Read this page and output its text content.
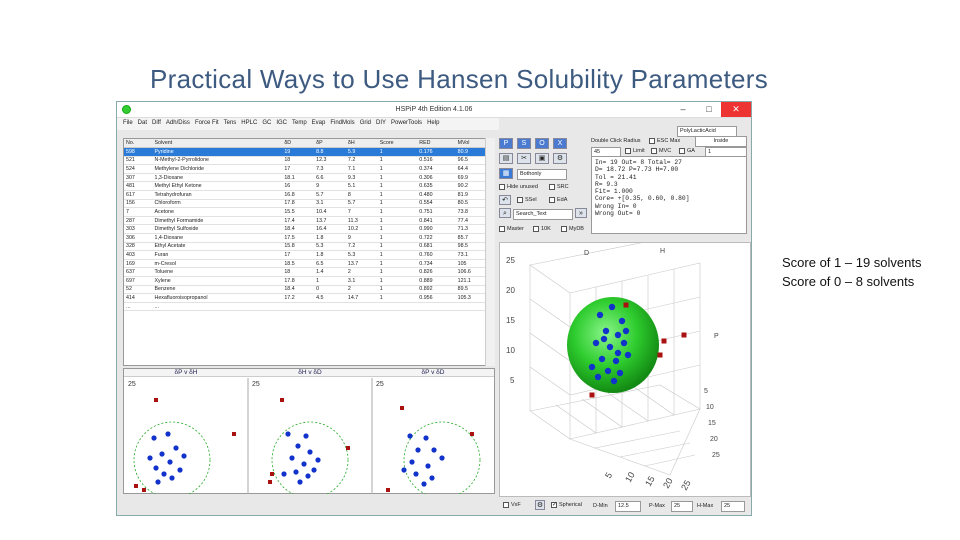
Practical Ways to Use Hansen Solubility Parameters
Score of 1 – 19 solvents
Score of 0 – 8 solvents
HSPiP 4th Edition 4.1.06	–	□	✕
File Dat Diff Adh/Diss Force Fit Tens HPLC GC IGC Temp Evap FindMols Grid DIY PowerTools Help
No.	Solvent	δD	δP	δH	Score	RED	MVol
598	Pyridine	19	8.8	5.9	1	0.176	80.9
521	N-Methyl-2-Pyrrolidone	18	12.3	7.2	1	0.516	96.5
524	Methylene Dichloride	17	7.3	7.1	1	0.374	64.4
307	1,3-Dioxane	18.1	6.6	9.3	1	0.306	69.9
481	Methyl Ethyl Ketone	16	9	5.1	1	0.635	90.2
617	Tetrahydrofuran	16.8	5.7	8	1	0.480	81.9
156	Chloroform	17.8	3.1	5.7	1	0.554	80.5
7	Acetone	15.5	10.4	7	1	0.751	73.8
287	Dimethyl Formamide	17.4	13.7	11.3	1	0.841	77.4
303	Dimethyl Sulfoxide	18.4	16.4	10.2	1	0.990	71.3
306	1,4-Dioxane	17.5	1.8	9	1	0.722	85.7
328	Ethyl Acetate	15.8	5.3	7.2	1	0.681	98.5
403	Furan	17	1.8	5.3	1	0.760	73.1
169	m-Cresol	18.5	6.5	13.7	1	0.734	105
637	Toluene	18	1.4	2	1	0.826	106.6
697	Xylene	17.8	1	3.1	1	0.889	121.1
52	Benzene	18.4	0	2	1	0.892	89.5
414	Hexafluoroisopropanol	17.2	4.5	14.7	1	0.956	105.3
...	...						
P	S	O	X
▤	✂	▣	⚙
▦	Bothonly
Hide unused	SRC
↶	SSel	EdA
⌕	Search_Text	»
Master	10K	MyDB
Double Click Radius	ESC Max	Inside
45	Limit	MVC	GA	1
PolyLacticAcid
In= 19 Out= 8 Total= 27
D= 18.72 P=7.73 H=7.00
Tol = 21.41
R= 9.3
Fit= 1.000
Core= +[0.35, 0.60, 0.80]
Wrong In= 0
Wrong Out= 0
25
20
15
10
5
D	H
P
5
10
15
20
25
5 10 15 20 25
δP v δH	δH v δD	δP v δD
25	25	25
VxF ⚙ ✓	Spherical D-Min	12.5	P-Max	25	H-Max	25
